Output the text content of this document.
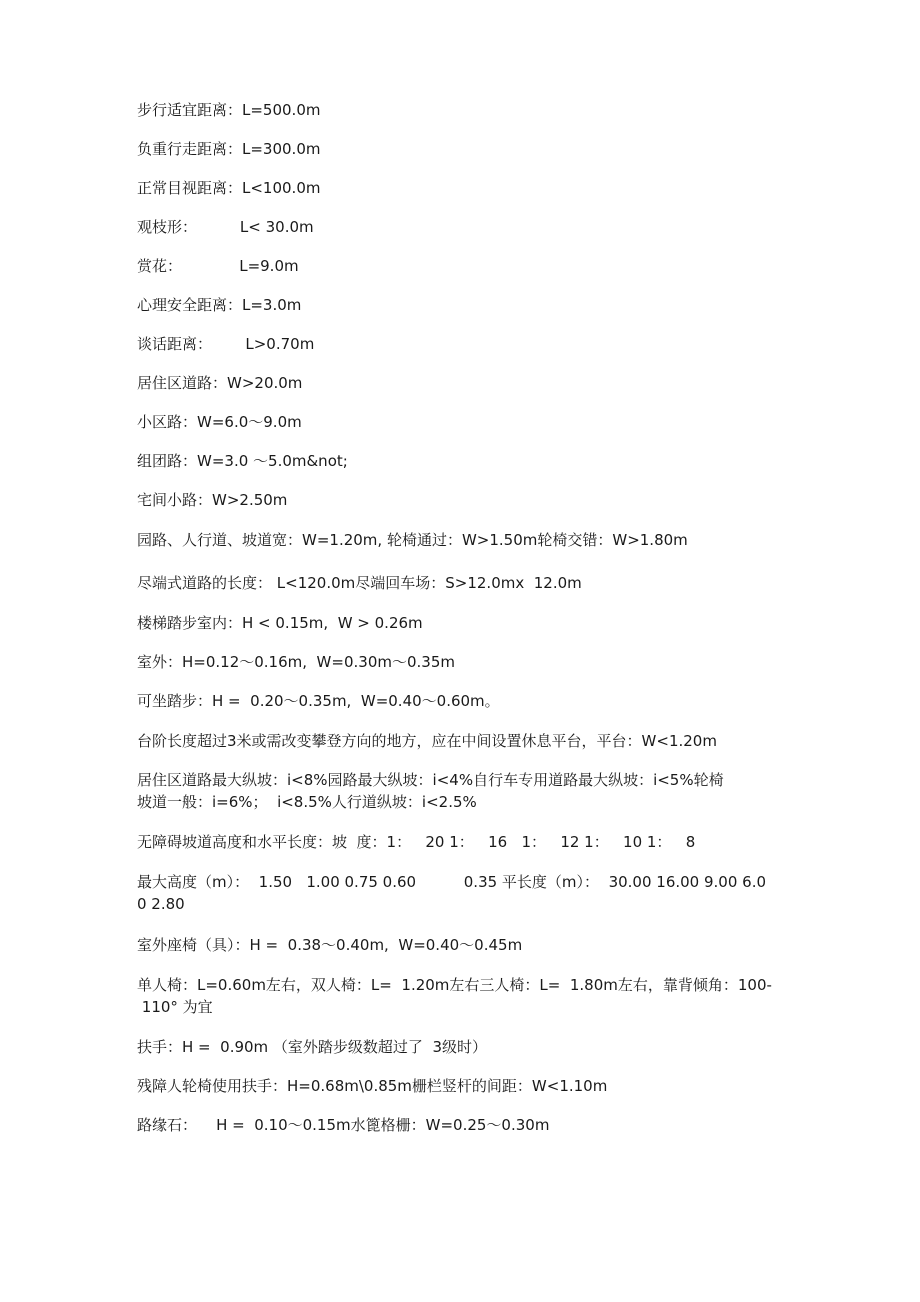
步行适宜距离：L=500.0m
负重行走距离：L=300.0m
正常目视距离：L<100.0m
观枝形：         L< 30.0m
赏花：            L=9.0m
心理安全距离：L=3.0m
谈话距离：       L>0.70m
居住区道路：W>20.0m
小区路：W=6.0～9.0m
组团路：W=3.0 ～5.0m&not;
宅间小路：W>2.50m
园路、人行道、坡道宽：W=1.20m, 轮椅通过：W>1.50m轮椅交错：W>1.80m
尽端式道路的长度： L<120.0m尽端回车场：S>12.0mx  12.0m
楼梯踏步室内：H < 0.15m,  W > 0.26m
室外：H=0.12～0.16m,  W=0.30m～0.35m
可坐踏步：H =  0.20～0.35m,  W=0.40～0.60m。
台阶长度超过3米或需改变攀登方向的地方，应在中间设置休息平台，平台：W<1.20m
居住区道路最大纵坡：i<8%园路最大纵坡：i<4%自行车专用道路最大纵坡：i<5%轮椅
坡道一般：i=6%；  i<8.5%人行道纵坡：i<2.5%
无障碍坡道高度和水平长度：坡  度：1：   20 1：   16   1：   12 1：   10 1：   8
最大高度（m）：  1.50   1.00 0.75 0.60          0.35 平长度（m）：  30.00 16.00 9.00 6.0
0 2.80
室外座椅（具）：H =  0.38～0.40m,  W=0.40～0.45m
单人椅：L=0.60m左右，双人椅：L=  1.20m左右三人椅：L=  1.80m左右，靠背倾角：100-
110° 为宜
扶手：H =  0.90m （室外踏步级数超过了  3级时）
残障人轮椅使用扶手：H=0.68m\0.85m栅栏竖杆的间距：W<1.10m
路缘石：    H =  0.10～0.15m水篦格栅：W=0.25～0.30m
